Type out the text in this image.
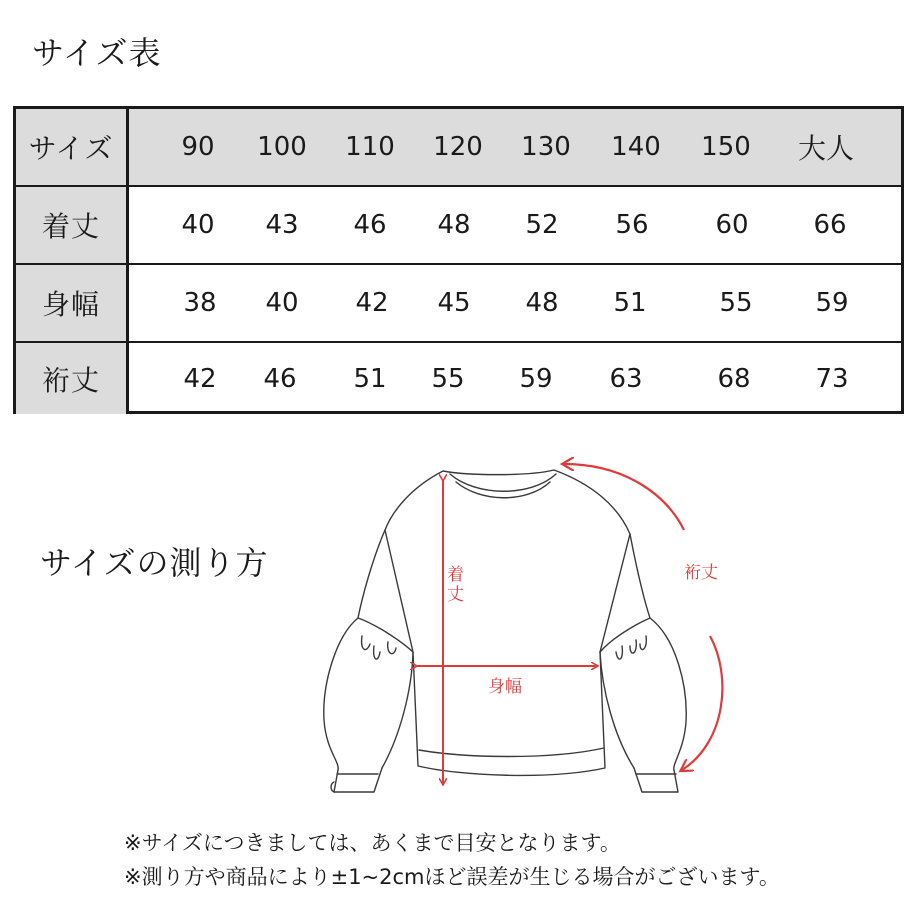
サイズ表
サイズ	90	100	110	120	130	140	150	大人
着丈	40	43	46	48	52	56	60	66
身幅	38	40	42	45	48	51	55	59
裄丈	42	46	51	55	59	63	68	73
サイズの測り方	着
丈
身幅
裄丈
※サイズにつきましては、あくまで目安となります。
※測り方や商品により±1~2cmほど誤差が生じる場合がございます。
